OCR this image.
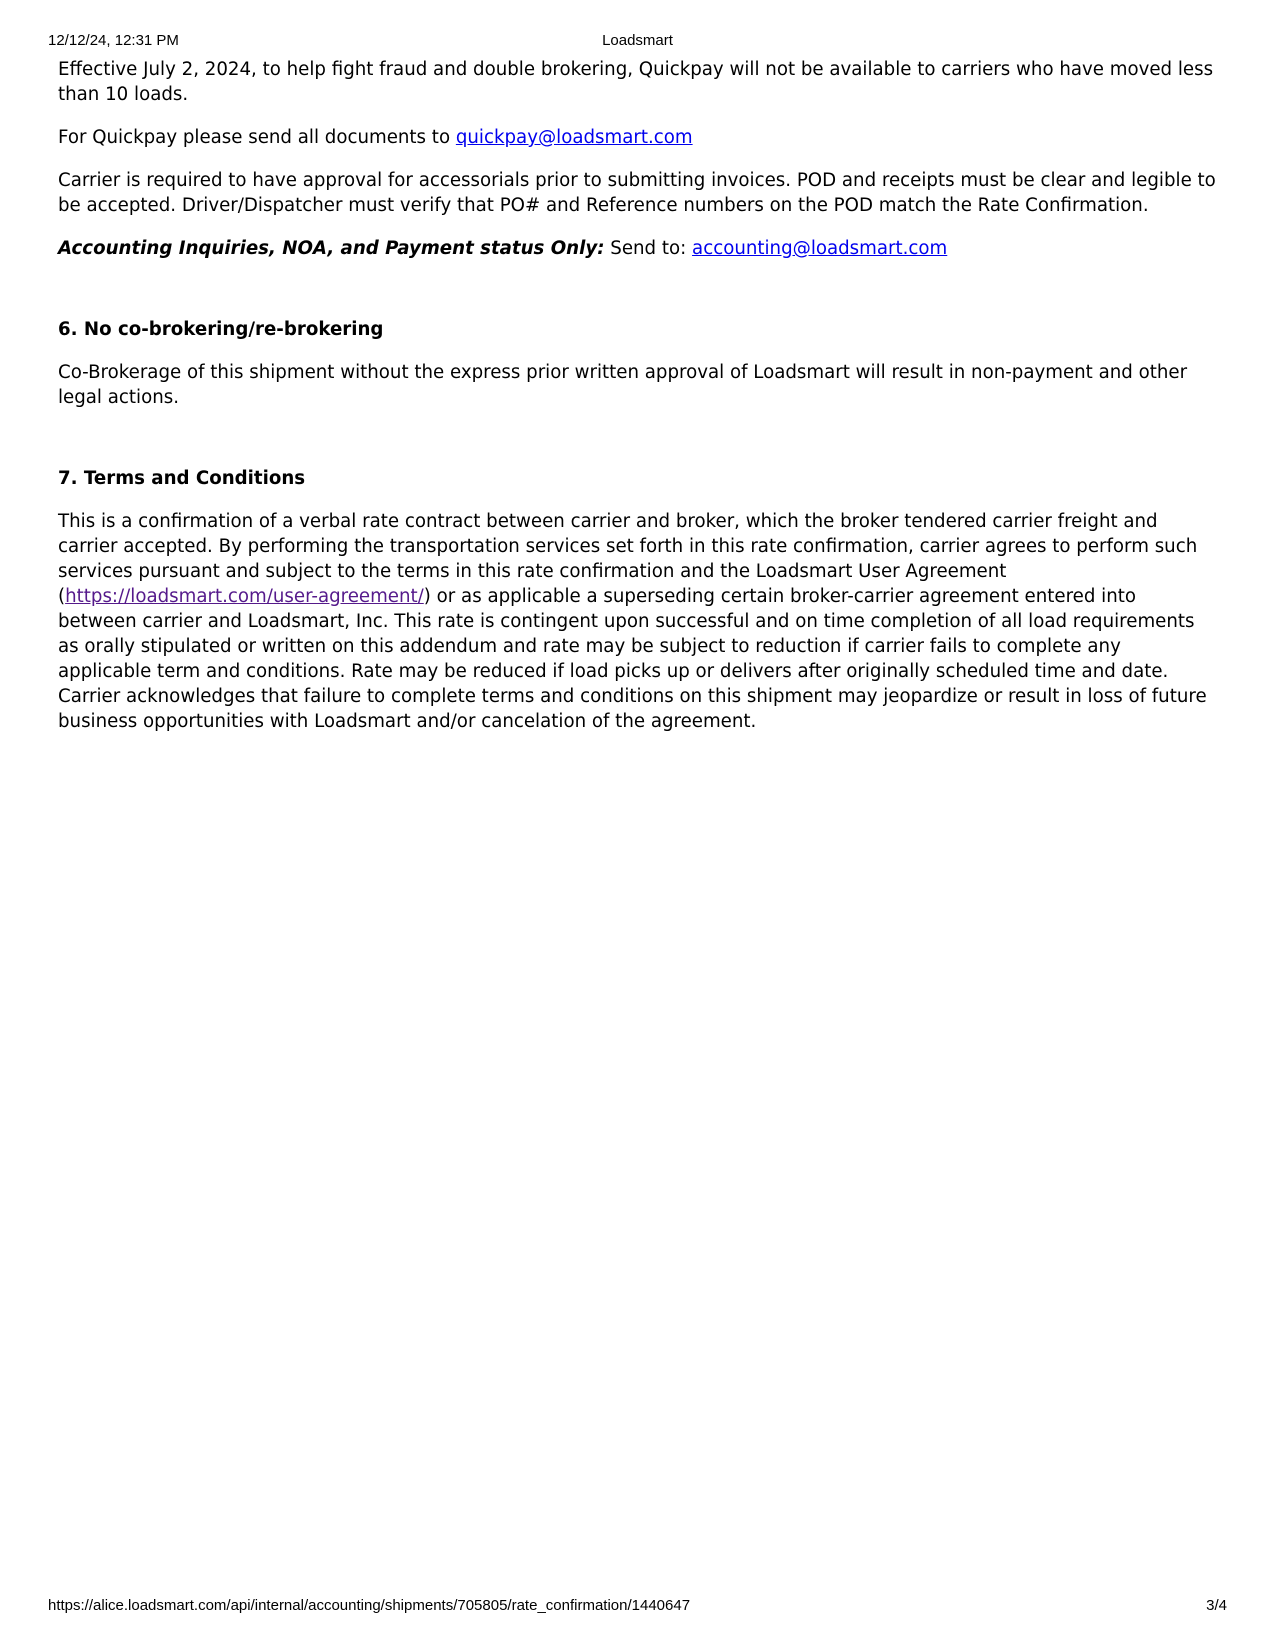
12/12/24, 12:31 PM	Loadsmart

Effective July 2, 2024, to help fight fraud and double brokering, Quickpay will not be available to carriers who have moved less than 10 loads.

For Quickpay please send all documents to quickpay@loadsmart.com

Carrier is required to have approval for accessorials prior to submitting invoices. POD and receipts must be clear and legible to be accepted. Driver/Dispatcher must verify that PO# and Reference numbers on the POD match the Rate Confirmation.

Accounting Inquiries, NOA, and Payment status Only: Send to: accounting@loadsmart.com

6. No co-brokering/re-brokering

Co-Brokerage of this shipment without the express prior written approval of Loadsmart will result in non-payment and other legal actions.

7. Terms and Conditions

This is a confirmation of a verbal rate contract between carrier and broker, which the broker tendered carrier freight and carrier accepted. By performing the transportation services set forth in this rate confirmation, carrier agrees to perform such services pursuant and subject to the terms in this rate confirmation and the Loadsmart User Agreement (https://loadsmart.com/user-agreement/) or as applicable a superseding certain broker-carrier agreement entered into between carrier and Loadsmart, Inc. This rate is contingent upon successful and on time completion of all load requirements as orally stipulated or written on this addendum and rate may be subject to reduction if carrier fails to complete any applicable term and conditions. Rate may be reduced if load picks up or delivers after originally scheduled time and date. Carrier acknowledges that failure to complete terms and conditions on this shipment may jeopardize or result in loss of future business opportunities with Loadsmart and/or cancelation of the agreement.

https://alice.loadsmart.com/api/internal/accounting/shipments/705805/rate_confirmation/1440647	3/4
